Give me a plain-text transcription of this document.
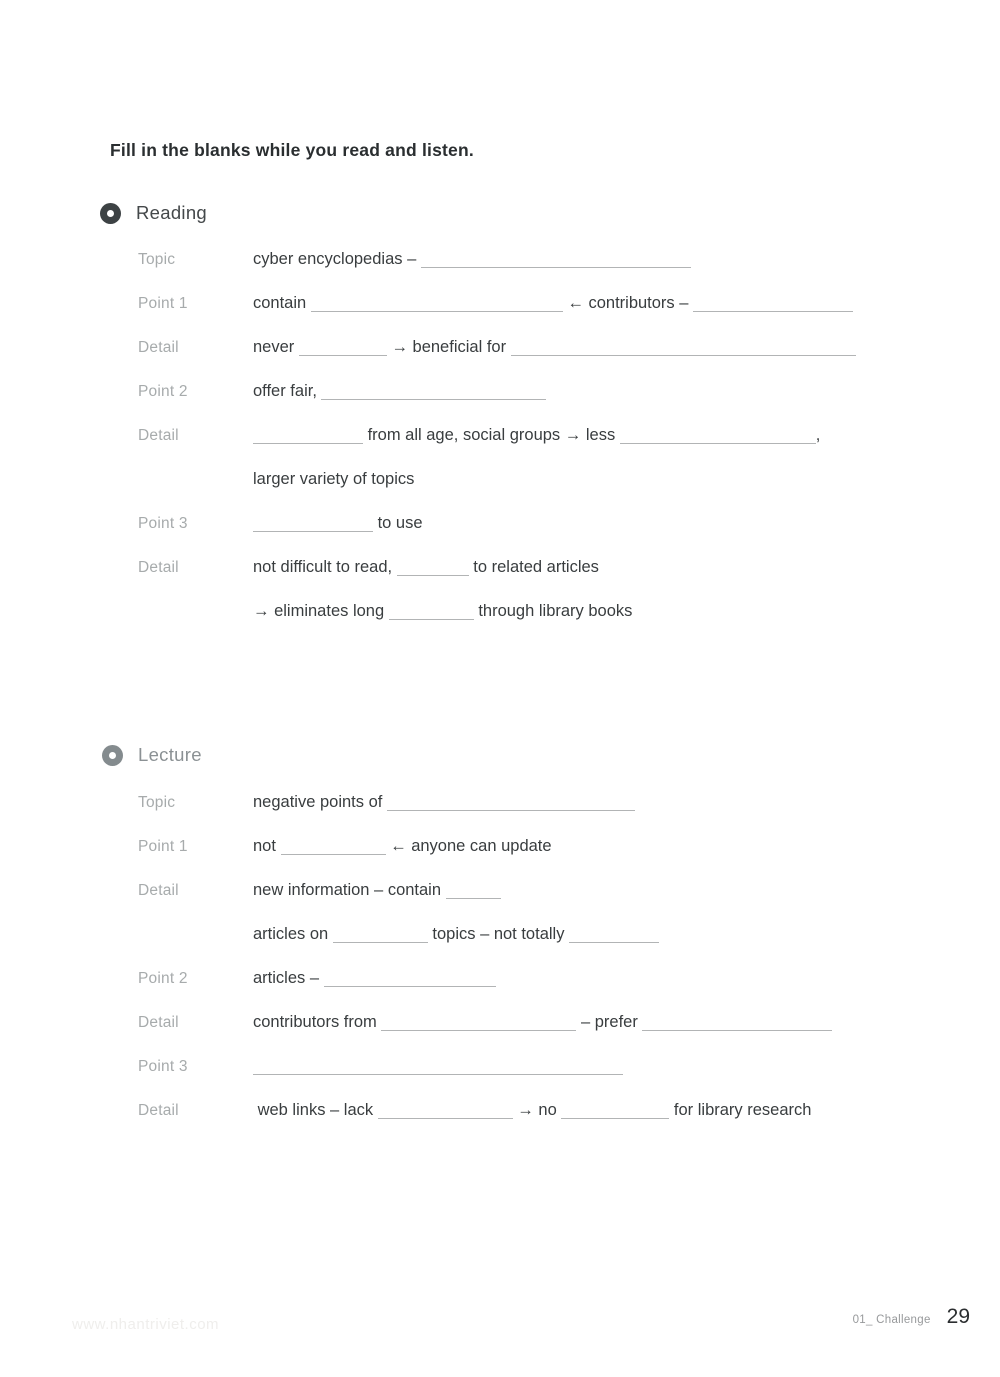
Fill in the blanks while you read and listen.
Reading
Topic	cyber encyclopedias –
Point 1	contain	← contributors –
Detail	never	→ beneficial for
Point 2	offer fair,
Detail	from all age, social groups → less	,
larger variety of topics
Point 3	to use
Detail	not difficult to read,	to related articles
→ eliminates long	through library books
Lecture
Topic	negative points of
Point 1	not	← anyone can update
Detail	new information – contain
articles on	topics – not totally
Point 2	articles –
Detail	contributors from	– prefer
Point 3
Detail	web links – lack	→ no	for library research
www.nhantriviet.com	01_ Challenge 29
